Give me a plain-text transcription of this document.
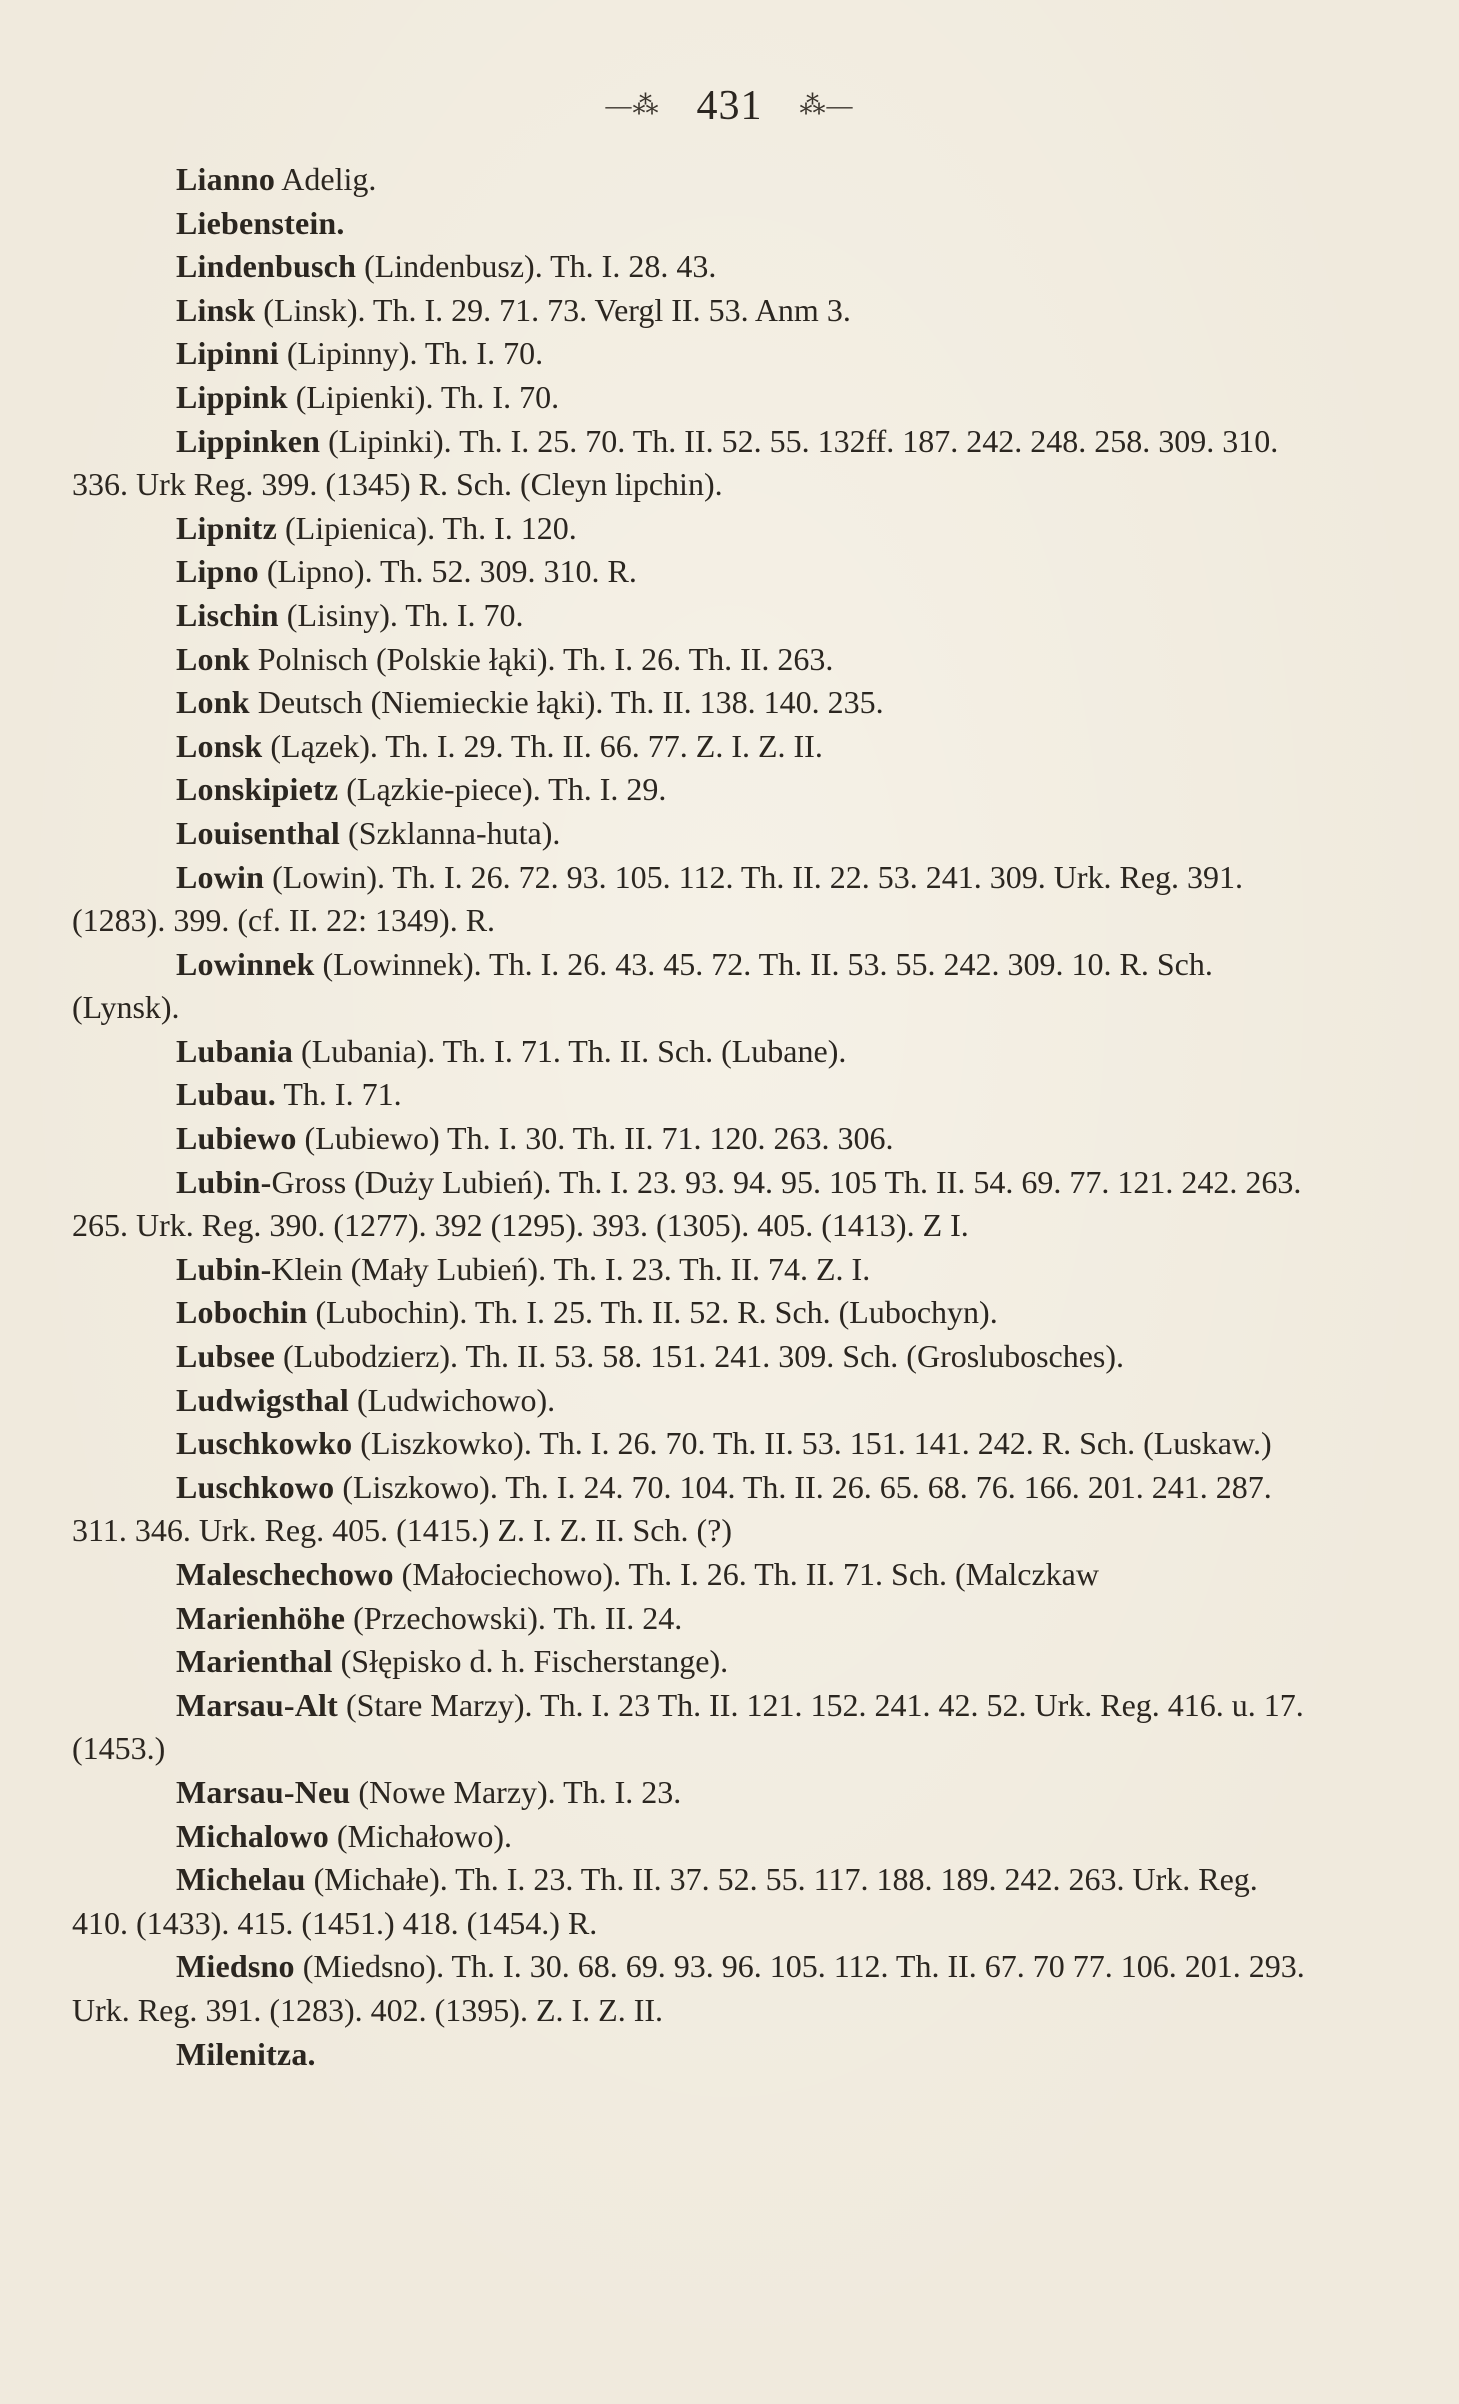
—⁂ 431 ⁂—
Lianno Adelig.
Liebenstein.
Lindenbusch (Lindenbusz). Th. I. 28. 43.
Linsk (Linsk). Th. I. 29. 71. 73. Vergl II. 53. Anm 3.
Lipinni (Lipinny). Th. I. 70.
Lippink (Lipienki). Th. I. 70.
Lippinken (Lipinki). Th. I. 25. 70. Th. II. 52. 55. 132ff. 187. 242. 248. 258. 309. 310. 336. Urk Reg. 399. (1345) R. Sch. (Cleyn lipchin).
Lipnitz (Lipienica). Th. I. 120.
Lipno (Lipno). Th. 52. 309. 310. R.
Lischin (Lisiny). Th. I. 70.
Lonk Polnisch (Polskie łąki). Th. I. 26. Th. II. 263.
Lonk Deutsch (Niemieckie łąki). Th. II. 138. 140. 235.
Lonsk (Lązek). Th. I. 29. Th. II. 66. 77. Z. I. Z. II.
Lonskipietz (Lązkie-piece). Th. I. 29.
Louisenthal (Szklanna-huta).
Lowin (Lowin). Th. I. 26. 72. 93. 105. 112. Th. II. 22. 53. 241. 309. Urk. Reg. 391. (1283). 399. (cf. II. 22: 1349). R.
Lowinnek (Lowinnek). Th. I. 26. 43. 45. 72. Th. II. 53. 55. 242. 309. 10. R. Sch. (Lynsk).
Lubania (Lubania). Th. I. 71. Th. II. Sch. (Lubane).
Lubau. Th. I. 71.
Lubiewo (Lubiewo) Th. I. 30. Th. II. 71. 120. 263. 306.
Lubin-Gross (Duży Lubień). Th. I. 23. 93. 94. 95. 105 Th. II. 54. 69. 77. 121. 242. 263. 265. Urk. Reg. 390. (1277). 392 (1295). 393. (1305). 405. (1413). Z I.
Lubin-Klein (Mały Lubień). Th. I. 23. Th. II. 74. Z. I.
Lobochin (Lubochin). Th. I. 25. Th. II. 52. R. Sch. (Lubochyn).
Lubsee (Lubodzierz). Th. II. 53. 58. 151. 241. 309. Sch. (Groslubosches).
Ludwigsthal (Ludwichowo).
Luschkowko (Liszkowko). Th. I. 26. 70. Th. II. 53. 151. 141. 242. R. Sch. (Luskaw.)
Luschkowo (Liszkowo). Th. I. 24. 70. 104. Th. II. 26. 65. 68. 76. 166. 201. 241. 287. 311. 346. Urk. Reg. 405. (1415.) Z. I. Z. II. Sch. (?)
Maleschechowo (Małociechowo). Th. I. 26. Th. II. 71. Sch. (Malczkaw
Marienhöhe (Przechowski). Th. II. 24.
Marienthal (Słępisko d. h. Fischerstange).
Marsau-Alt (Stare Marzy). Th. I. 23 Th. II. 121. 152. 241. 42. 52. Urk. Reg. 416. u. 17. (1453.)
Marsau-Neu (Nowe Marzy). Th. I. 23.
Michalowo (Michałowo).
Michelau (Michałe). Th. I. 23. Th. II. 37. 52. 55. 117. 188. 189. 242. 263. Urk. Reg. 410. (1433). 415. (1451.) 418. (1454.) R.
Miedsno (Miedsno). Th. I. 30. 68. 69. 93. 96. 105. 112. Th. II. 67. 70 77. 106. 201. 293. Urk. Reg. 391. (1283). 402. (1395). Z. I. Z. II.
Milenitza.
